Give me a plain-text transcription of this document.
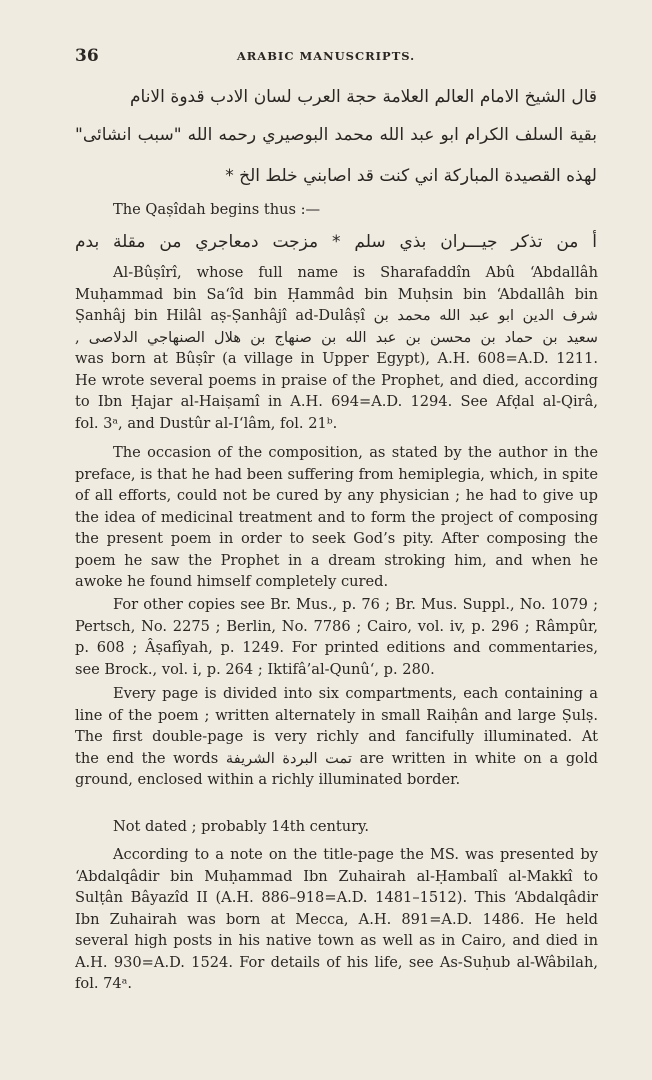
36	ARABIC MANUSCRIPTS.
قال الشيخ الامام العالم العلامة حجة العرب لسان الادب قدوة الانام
بقية السلف الكرام ابو عبد الله محمد البوصيري رحمه الله "سبب انشائى"
لهذه القصيدة المباركة اني كنت قد اصابني خلط الخ *
The Qaṣîdah begins thus :—
أ من تذكر جيـــران بذي سلم * مزجت دمعاجري من مقلة بدم
Al-Bûṣîrî, whose full name is Sharafaddîn Abû ‘Abdallâh
Muḥammad bin Sa‘îd bin Ḥammâd bin Muḥsin bin ‘Abdallâh bin
Ṣanhâj bin Hilâl aṣ-Ṣanhâjî ad-Dulâṣî شرف الدين ابو عبد الله محمد بن
, سعيد بن حماد بن محسن بن عبد الله بن صنهاج بن هلال الصنهاجي الدلاصى
was born at Bûṣîr (a village in Upper Egypt), A.H. 608=A.D. 1211.
He wrote several poems in praise of the Prophet, and died, according
to Ibn Ḥajar al-Haiṣamî in A.H. 694=A.D. 1294. See Afḍal al-Qirâ,
fol. 3ᵃ, and Dustûr al-I‘lâm, fol. 21ᵇ.
The occasion of the composition, as stated by the author in the
preface, is that he had been suffering from hemiplegia, which, in spite
of all efforts, could not be cured by any physician ; he had to give up
the idea of medicinal treatment and to form the project of composing
the present poem in order to seek God’s pity. After composing the
poem he saw the Prophet in a dream stroking him, and when he
awoke he found himself completely cured.
For other copies see Br. Mus., p. 76 ; Br. Mus. Suppl., No. 1079 ;
Pertsch, No. 2275 ; Berlin, No. 7786 ; Cairo, vol. iv, p. 296 ; Râmpûr,
p. 608 ; Âṣafîyah, p. 1249. For printed editions and commentaries,
see Brock., vol. i, p. 264 ; Iktifâ’al-Qunû‘, p. 280.
Every page is divided into six compartments, each containing a
line of the poem ; written alternately in small Raiḥân and large Ṣulṣ.
The first double-page is very richly and fancifully illuminated. At
the end the words تمت البردة الشريفة are written in white on a gold
ground, enclosed within a richly illuminated border.
Not dated ; probably 14th century.
According to a note on the title-page the MS. was presented by
‘Abdalqâdir bin Muḥammad Ibn Zuhairah al-Ḥambalî al-Makkî to
Sulṭân Bâyazîd II (A.H. 886–918=A.D. 1481–1512). This ‘Abdalqâdir
Ibn Zuhairah was born at Mecca, A.H. 891=A.D. 1486. He held
several high posts in his native town as well as in Cairo, and died in
A.H. 930=A.D. 1524. For details of his life, see As-Suḥub al-Wâbilah,
fol. 74ᵃ.
